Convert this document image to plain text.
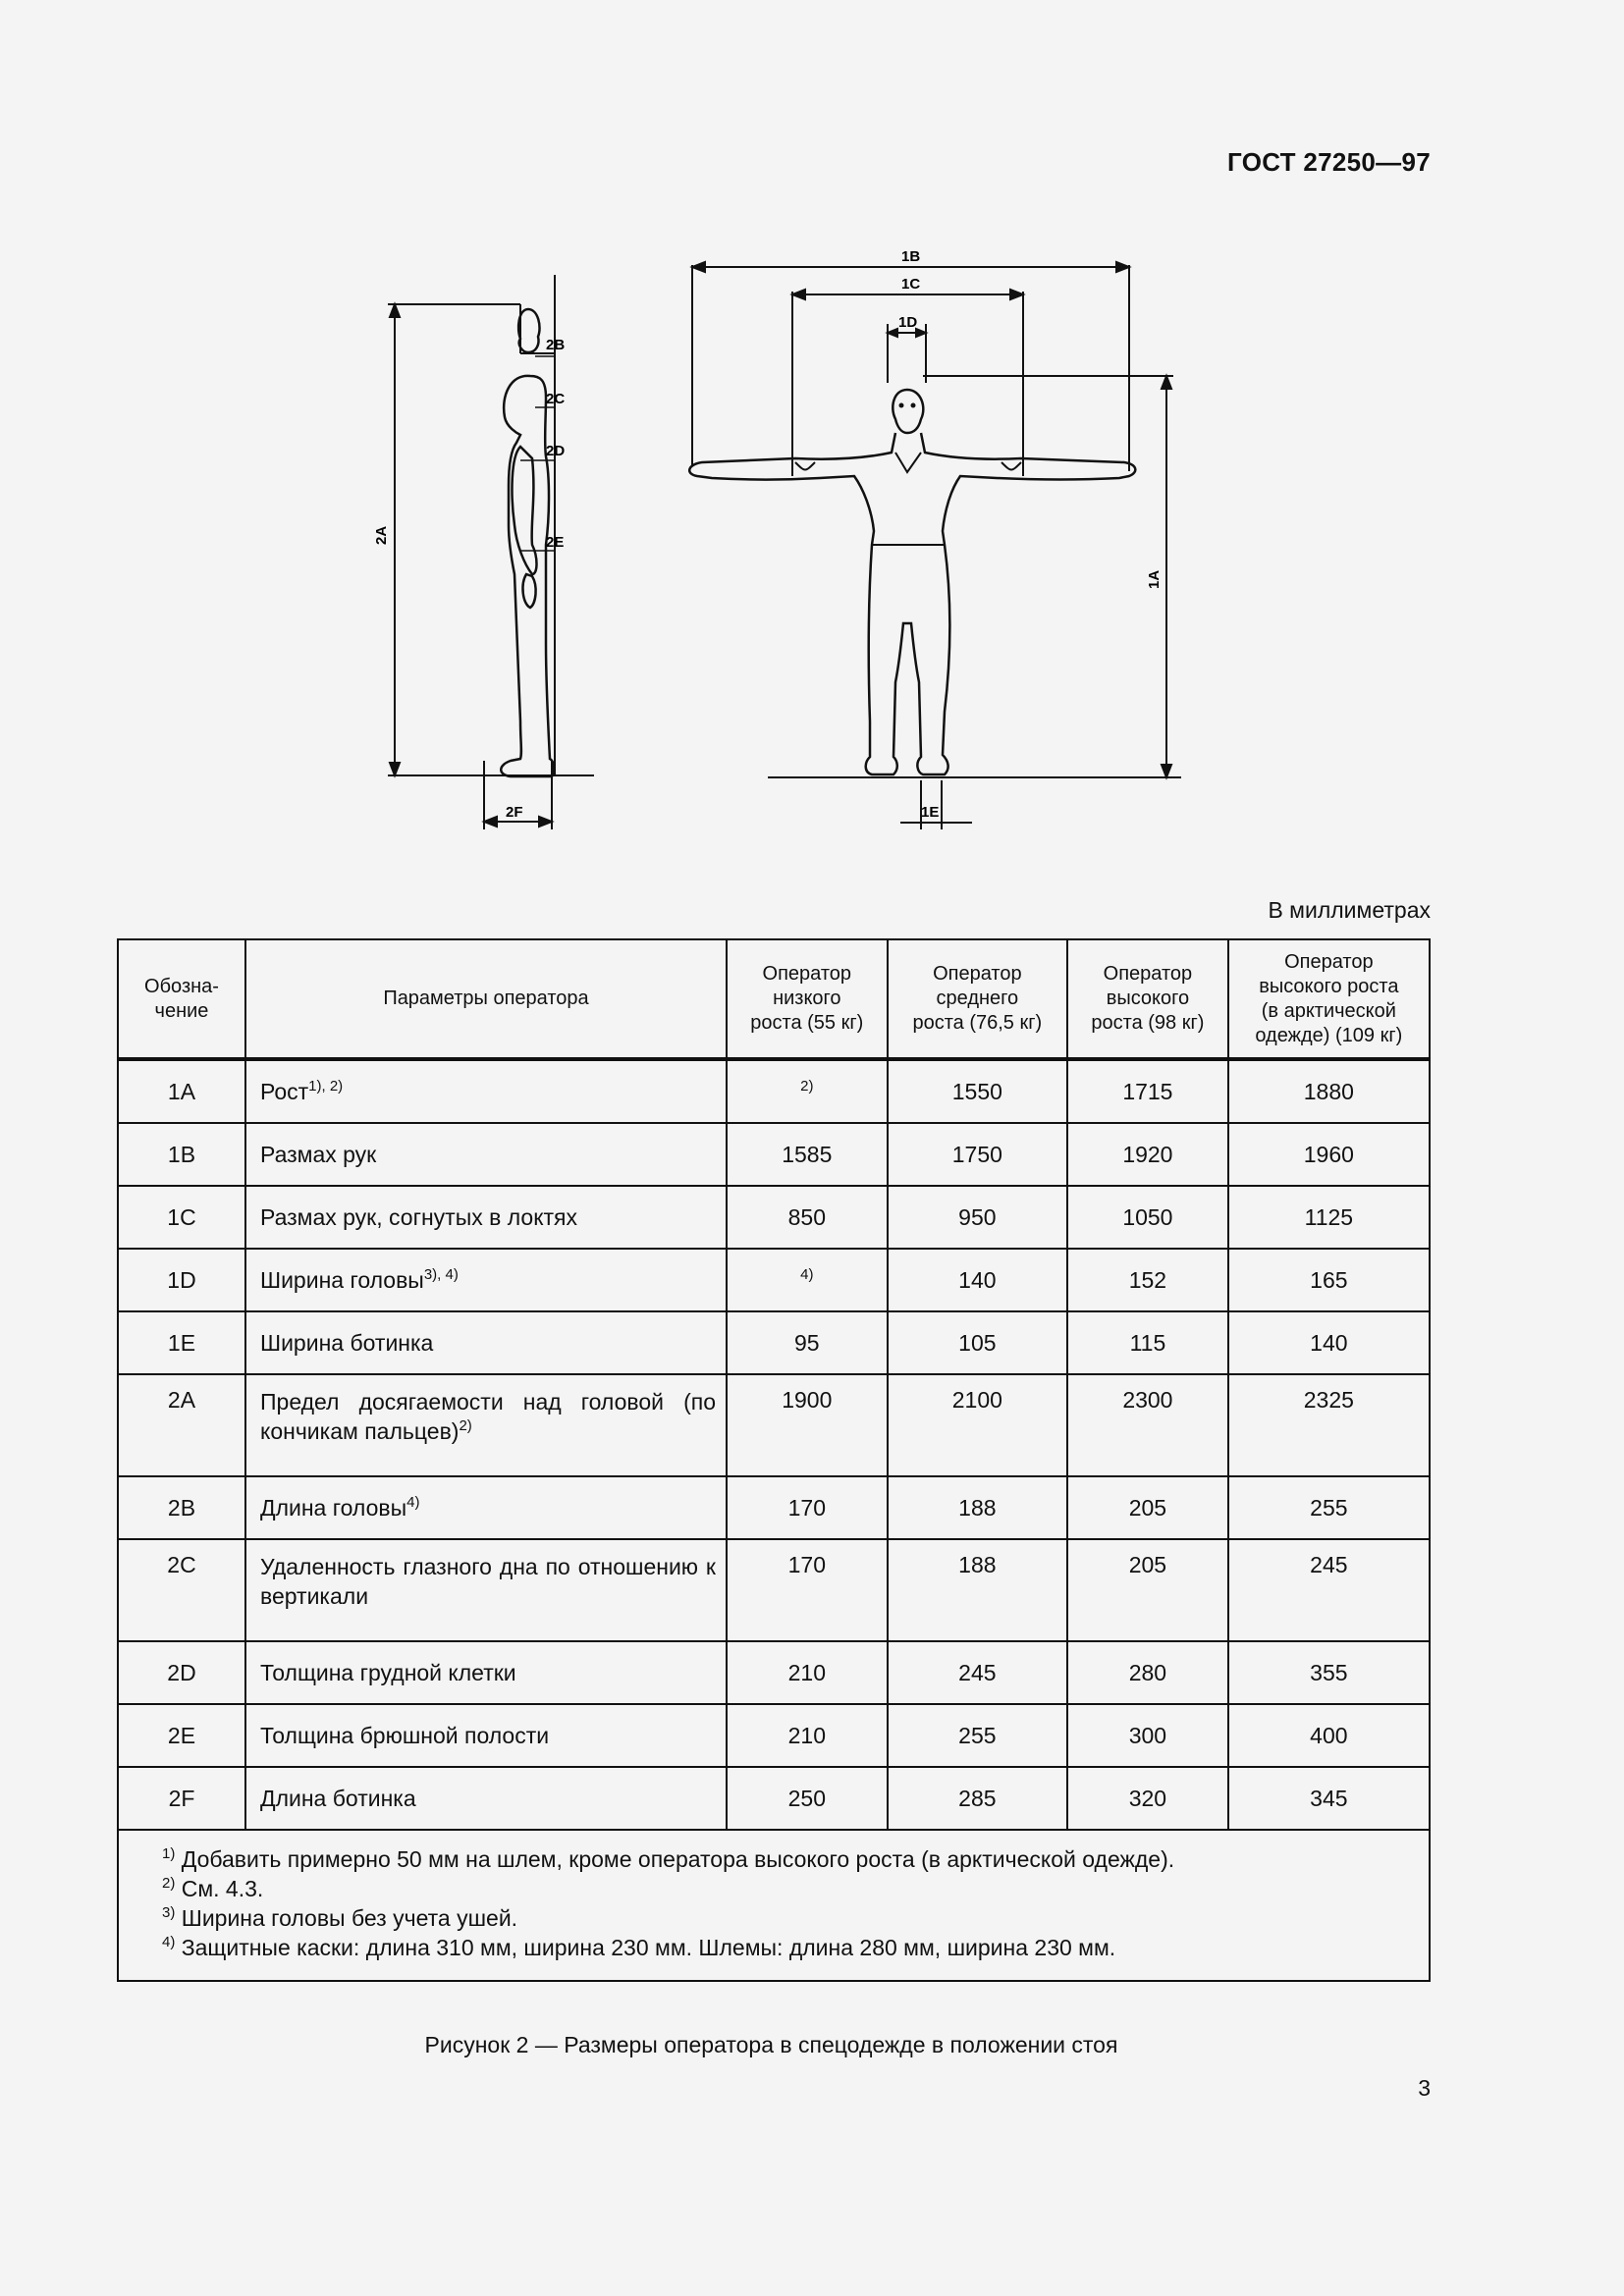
ГОСТ 27250—97
2B
2C
2D
2E
2F
2A
1B
1C
1D
1E
1A
В миллиметрах
Обозна-
чение	Параметры оператора	Оператор
низкого
роста (55 кг)	Оператор
среднего
роста (76,5 кг)	Оператор
высокого
роста (98 кг)	Оператор
высокого роста
(в арктической
одежде) (109 кг)
1A	Рост$^{1), 2)}$	$^{2)}$	1550	1715	1880
1B	Размах рук	1585	1750	1920	1960
1C	Размах рук, согнутых в локтях	850	950	1050	1125
1D	Ширина головы$^{3), 4)}$	$^{4)}$	140	152	165
1E	Ширина ботинка	95	105	115	140
2A	Предел досягаемости над головой (по кончикам пальцев)$^{2)}$	1900	2100	2300	2325
2B	Длина головы$^{4)}$	170	188	205	255
2C	Удаленность глазного дна по отношению к вертикали	170	188	205	245
2D	Толщина грудной клетки	210	245	280	355
2E	Толщина брюшной полости	210	255	300	400
2F	Длина ботинка	250	285	320	345

$^{1)}$ Добавить примерно 50 мм на шлем, кроме оператора высокого роста (в арктической одежде).
$^{2)}$ См. 4.3.
$^{3)}$ Ширина головы без учета ушей.
$^{4)}$ Защитные каски: длина 310 мм, ширина 230 мм. Шлемы: длина 280 мм, ширина 230 мм.					
Рисунок 2 — Размеры оператора в спецодежде в положении стоя
3
